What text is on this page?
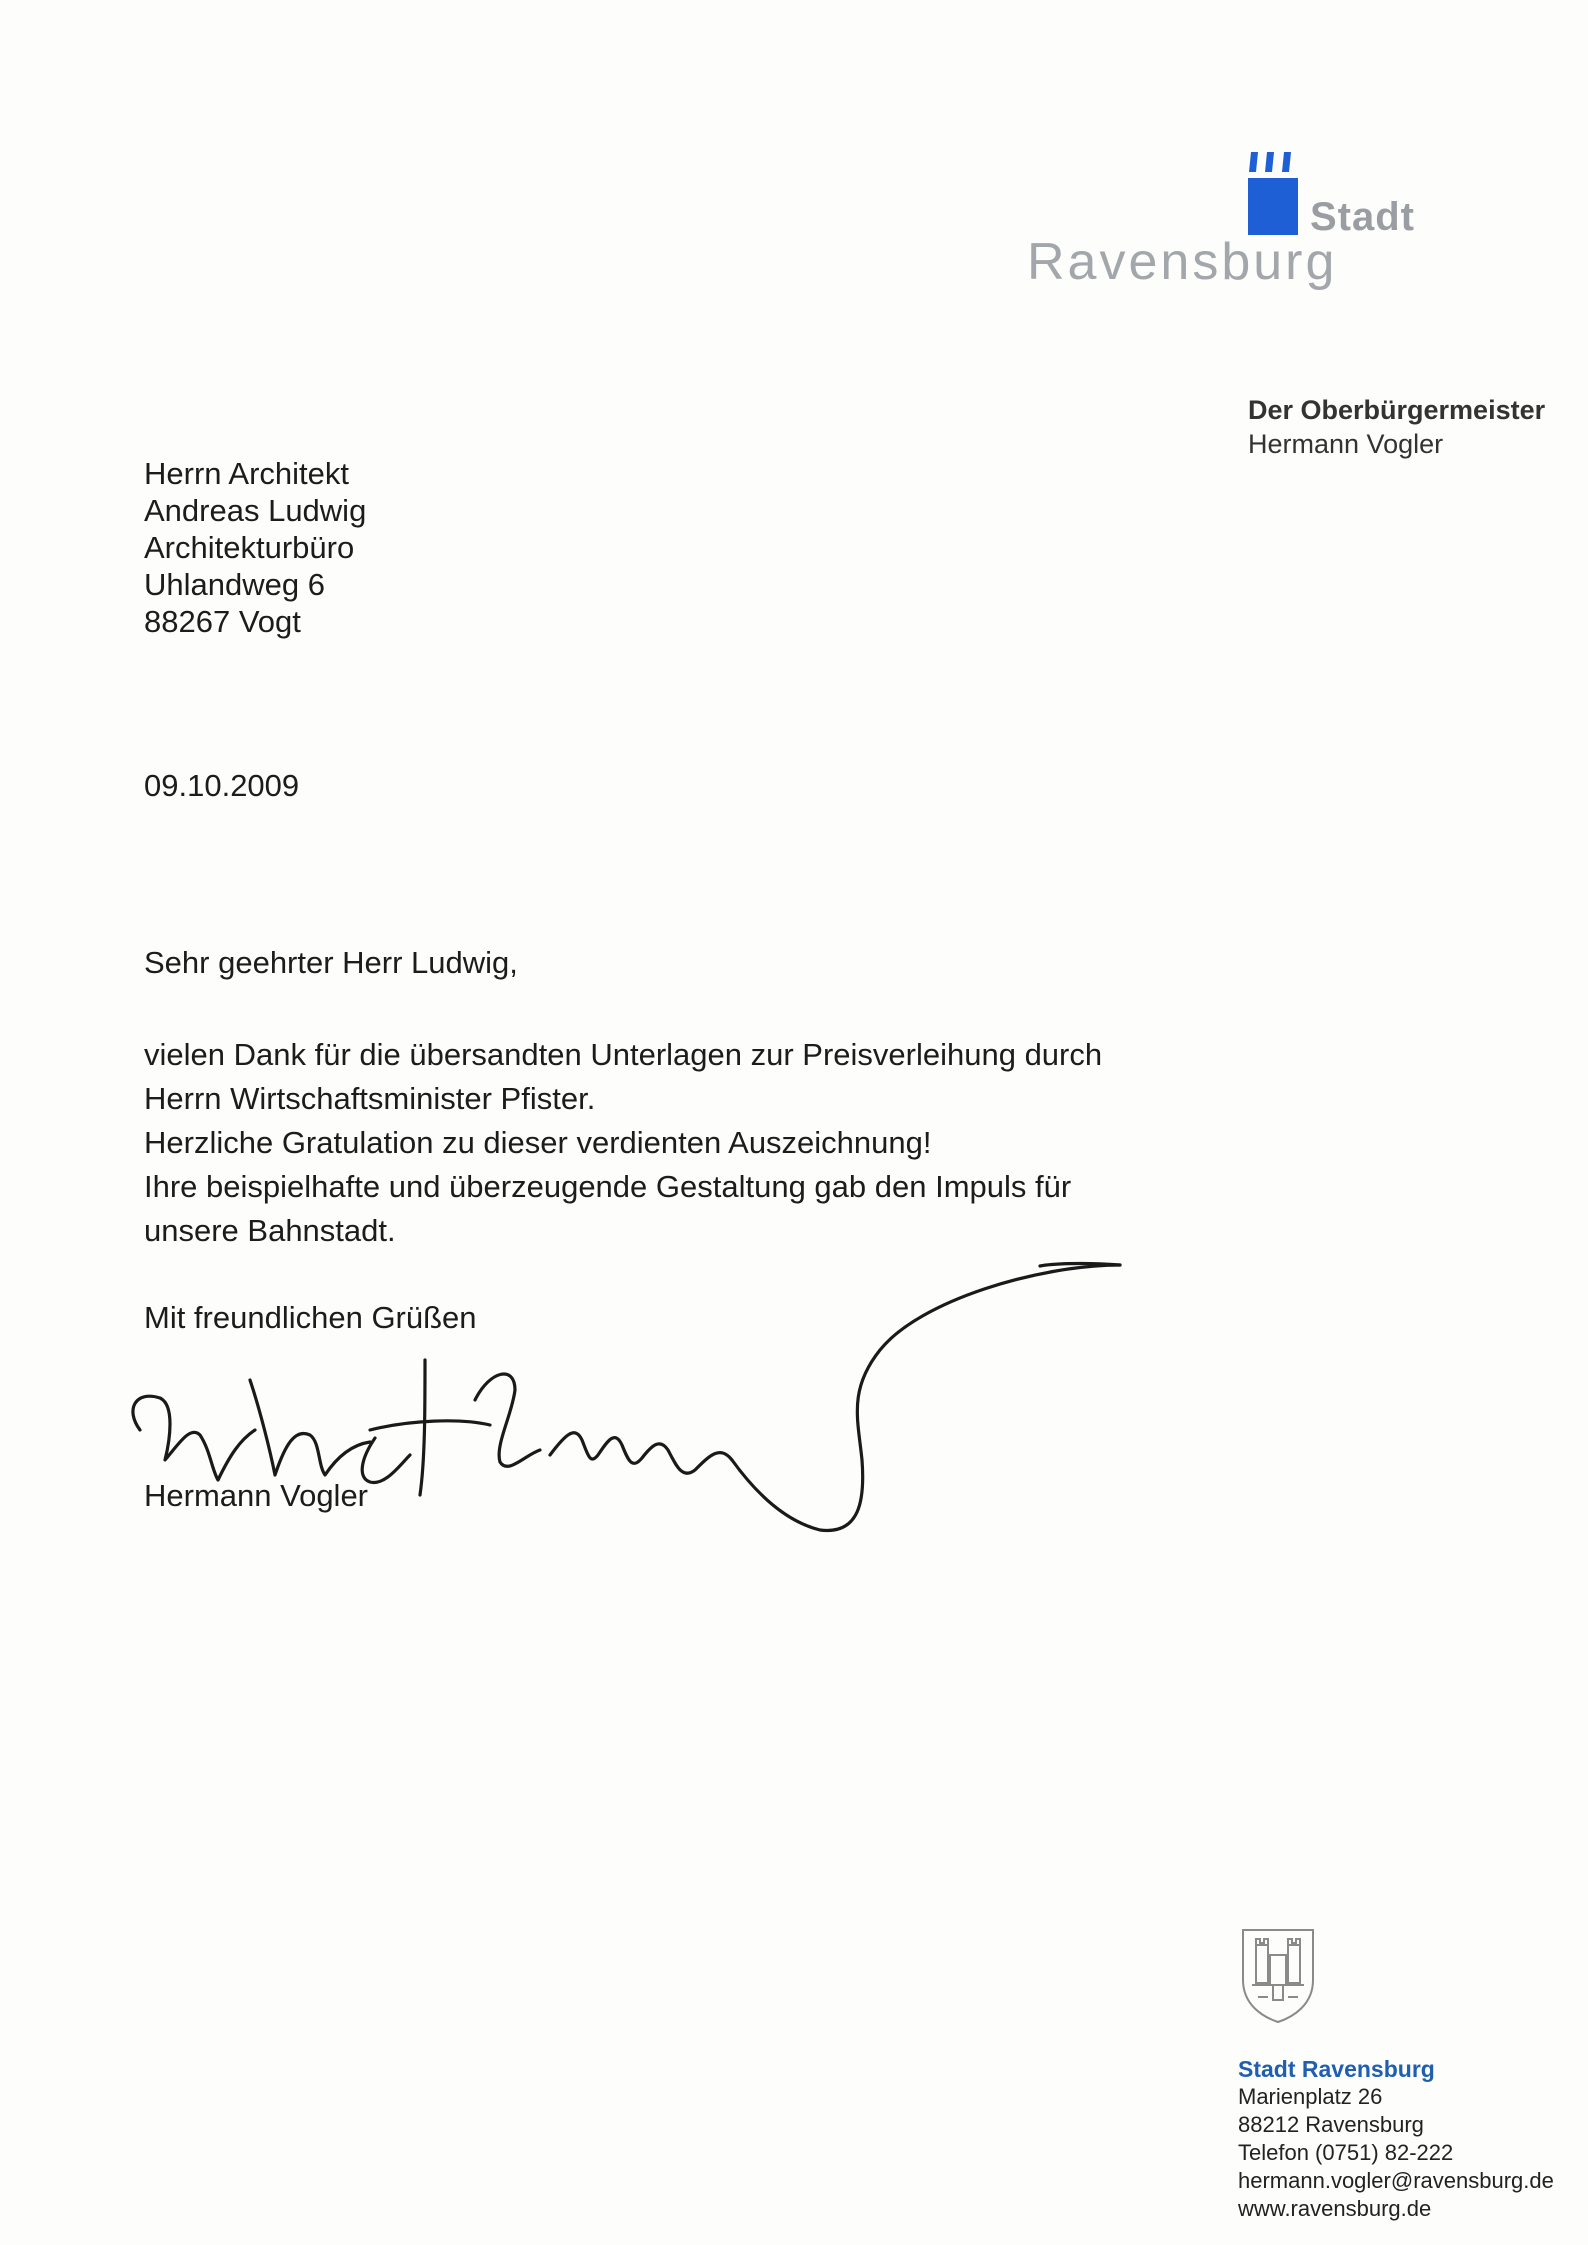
Stadt
Ravensburg
Der Oberbürgermeister
Hermann Vogler
Herrn Architekt
Andreas Ludwig
Architekturbüro
Uhlandweg 6
88267 Vogt
09.10.2009
Sehr geehrter Herr Ludwig,
vielen Dank für die übersandten Unterlagen zur Preisverleihung durch
Herrn Wirtschaftsminister Pfister.
Herzliche Gratulation zu dieser verdienten Auszeichnung!
Ihre beispielhafte und überzeugende Gestaltung gab den Impuls für
unsere Bahnstadt.
Mit freundlichen Grüßen
Hermann Vogler
Stadt Ravensburg
Marienplatz 26
88212 Ravensburg
Telefon (0751) 82-222
hermann.vogler@ravensburg.de
www.ravensburg.de
